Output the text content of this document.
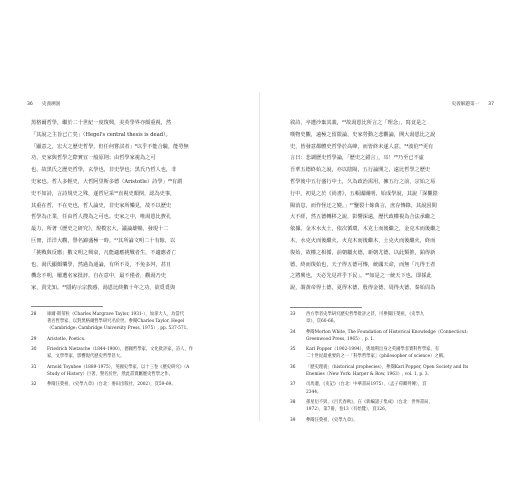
36 史義溯洄
黑格爾哲學，繼於二十世紀一度復興，美英學界亦頗重視，然
「其說之主旨已亡矣」（Hegel's central thesis is dead）。
「顯意之，宏大之歷史哲學，但任何嘗試者」⁸以乎不能合驗，能勞無
功，史家與哲學之際實宜一般原則；由哲學家視為之可
也，故黑氏之歷史哲學，玄學也，非史學也；黑氏乃哲人也，非
史家也。哲人多輕史，大哲阿里斯多德（Aristotle）詩學」²⁹有謂
史不如詩，言詩規史之殊，遂哲尼采¹⁰直視史顛倒，認為史事，
其重在哲，不在史也，哲人論史，非史家所樂見，故不以歷史
哲學為正業，任由哲人搜為之可也。史家之中，唯湯恩比費孔
最力，所著《歷史之研究》，規模宏大，議論雄暢，發現十二
巨冊，洋洋大觀，譽名錦盛極一時。²¹其所論文明二十有餘，以
「挑戰與反應」數文明之興衰，凡能適應挑戰者生，不適應者亡
也，湯氏顯頗樂學，然過為通論，有所不及，不免多舛，甚且
機念不明，屢遭名家批評，自在意中，最不僅者，觀湯乃史
家，貴先知。²²隱約示宗教感，湯恩比終數十年之功，欲覓覓與
28 庫爾·斯蒂粒（Charles Margrave Taylor, 1931-），加拿大人，為當代
著名哲學家，以對黑格爾哲學研究名於世。參閱Charles Taylor, Hegel
（Cambridge: Cambridge University Press, 1975）, pp. 537-571。
29 Aristotle, Poetics.
30 Friedrich Nietzsche（1844-1900），德國哲學家，文化批評家，詩人，作
家，文學學家，影響現代歷史哲學甚大。
31 Arnold Toynbee（1889-1975），英國史學家，以十三卷《歷史研究》（A
Study of History）巨著，譽名於世，然此書實屬歷史哲學之作。
32 參閱汪榮祖，《史學九章》（台北：麥田出版社，2002），頁59-69。
史義解題第一 37
敘詩，卒遭沙棄其義，²³故湯恩比所言之「理念」，寫竟是之
嘆物史觀，遠極之留限論，史家勞動之悲觀論，開大湯恩比之說
史，皆發意都體史哲學於高峰，而皆終未遂人意。²⁴波伯²⁵更有
言曰：悲調歷史哲學論，「歷史之錯言」，耳！²⁶乃至已不虛
吾華五德終始之說，亦以陰陽，五行論開之，遠比哲學之歷史
哲學後中五行盛行中土，久為政治需用，擁五行之前，宗始之易
行中，初見之於《尚書》，五帳國關明，始成學說，其說「深觀陰
陽消息，而作怪迂之變。」²⁷鑒裂十餘萬言，庶存傳錄，其說因間
大不經，然五德轉移之說，影響深遠，歷代政權視為合法承繼之
依據。金木水火土，依次循環，木克土而後繼之，金克木而後繼之
木，水克火而後繼火，火克木而後繼木，土克火而後繼火，終而
復始，故權之相循，前朝屬火德，新朝尤德，以此類推，鉑得新
德，終而復始也，天子得五德可傳，統國天命，而無「凡得王者
之將興也，天必先見祥乎下民」。²⁸如是之一統天下也，即採此
說，謂黃帝得土德，夏得木德，殷得金德，周得火德，秦始周為
33 西方學者史學研究歷史哲學批評之甚，可參閱汪榮祖，《史學九
章》，頁60-66。
34 參閱Morton White, The Foundation of Historical Knowledge（Connecticut:
Greenwood Press, 1965）, p. 1.
35 Karl Popper（1902-1994），奧地利出身之英國學者實科哲學家，有
二十世紀最重要的之一「科學哲學家」（philosopher of science）之稱。
36 「歷史理義」（historical prophecies），參閱Karl Popper, Open Society and Its
Enemies（New York: Harper & Row, 1963）, vol. 1, p. 3.
37 司馬遷，《史記》（台北：中華書局1975），〈孟子荀卿列傳〉，頁
2344。
38 孫星衍不與，《呂氏春秋》，在《新編諸子集成》（台北：世界書局，
1972），第7冊，卷13〈有始覽〉，頁126。
39 參閱汪榮祖，《史學九章》。
